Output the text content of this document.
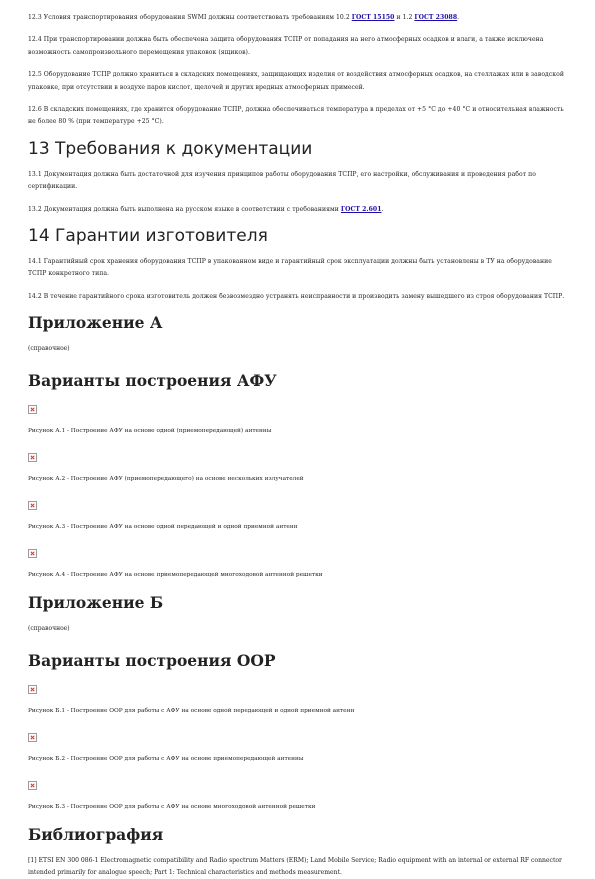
12.3 Условия транспортирования оборудования SWMI должны соответствовать требованиям 10.2 ГОСТ 15150 и 1.2 ГОСТ 23088.

12.4 При транспортировании должна быть обеспечена защита оборудования ТСПР от попадания на него атмосферных осадков и влаги, а также исключена возможность самопроизвольного перемещения упаковок (ящиков).

12.5 Оборудование ТСПР должно храниться в складских помещениях, защищающих изделия от воздействия атмосферных осадков, на стеллажах или в заводской упаковке, при отсутствии в воздухе паров кислот, щелочей и других вредных атмосферных примесей.

12.6 В складских помещениях, где хранится оборудование ТСПР, должна обеспечиваться температура в пределах от +5 °С до +40 °С и относительная влажность не более 80 % (при температуре +25 °С).

13 Требования к документации

13.1 Документация должна быть достаточной для изучения принципов работы оборудования ТСПР, его настройки, обслуживания и проведения работ по сертификации.

13.2 Документация должна быть выполнена на русском языке в соответствии с требованиями ГОСТ 2.601.

14 Гарантии изготовителя

14.1 Гарантийный срок хранения оборудования ТСПР в упакованном виде и гарантийный срок эксплуатации должны быть установлены в ТУ на оборудование ТСПР конкретного типа.

14.2 В течение гарантийного срока изготовитель должен безвозмездно устранять неисправности и производить замену вышедшего из строя оборудования ТСПР.

Приложение А

(справочное)

Варианты построения АФУ
Рисунок А.1 - Построение АФУ на основе одной (приемопередающей) антенны
Рисунок А.2 - Построение АФУ (приемопередающего) на основе нескольких излучателей
Рисунок А.3 - Построение АФУ на основе одной передающей и одной приемной антенн
Рисунок А.4 - Построение АФУ на основе приемопередающей многоходовой антенной решетки
Приложение Б

(справочное)

Варианты построения ООР
Рисунок Б.1 - Построение ООР для работы с АФУ на основе одной передающей и одной приемной антенн
Рисунок Б.2 - Построение ООР для работы с АФУ на основе приемопередающей антенны
Рисунок Б.3 - Построение ООР для работы с АФУ на основе многоходовой антенной решетки
Библиография

[1] ETSI EN 300 086-1 Electromagnetic compatibility and Radio spectrum Matters (ERM); Land Mobile Service; Radio equipment with an internal or external RF connector intended primarily for analogue speech; Part 1: Technical characteristics and methods measurement.
